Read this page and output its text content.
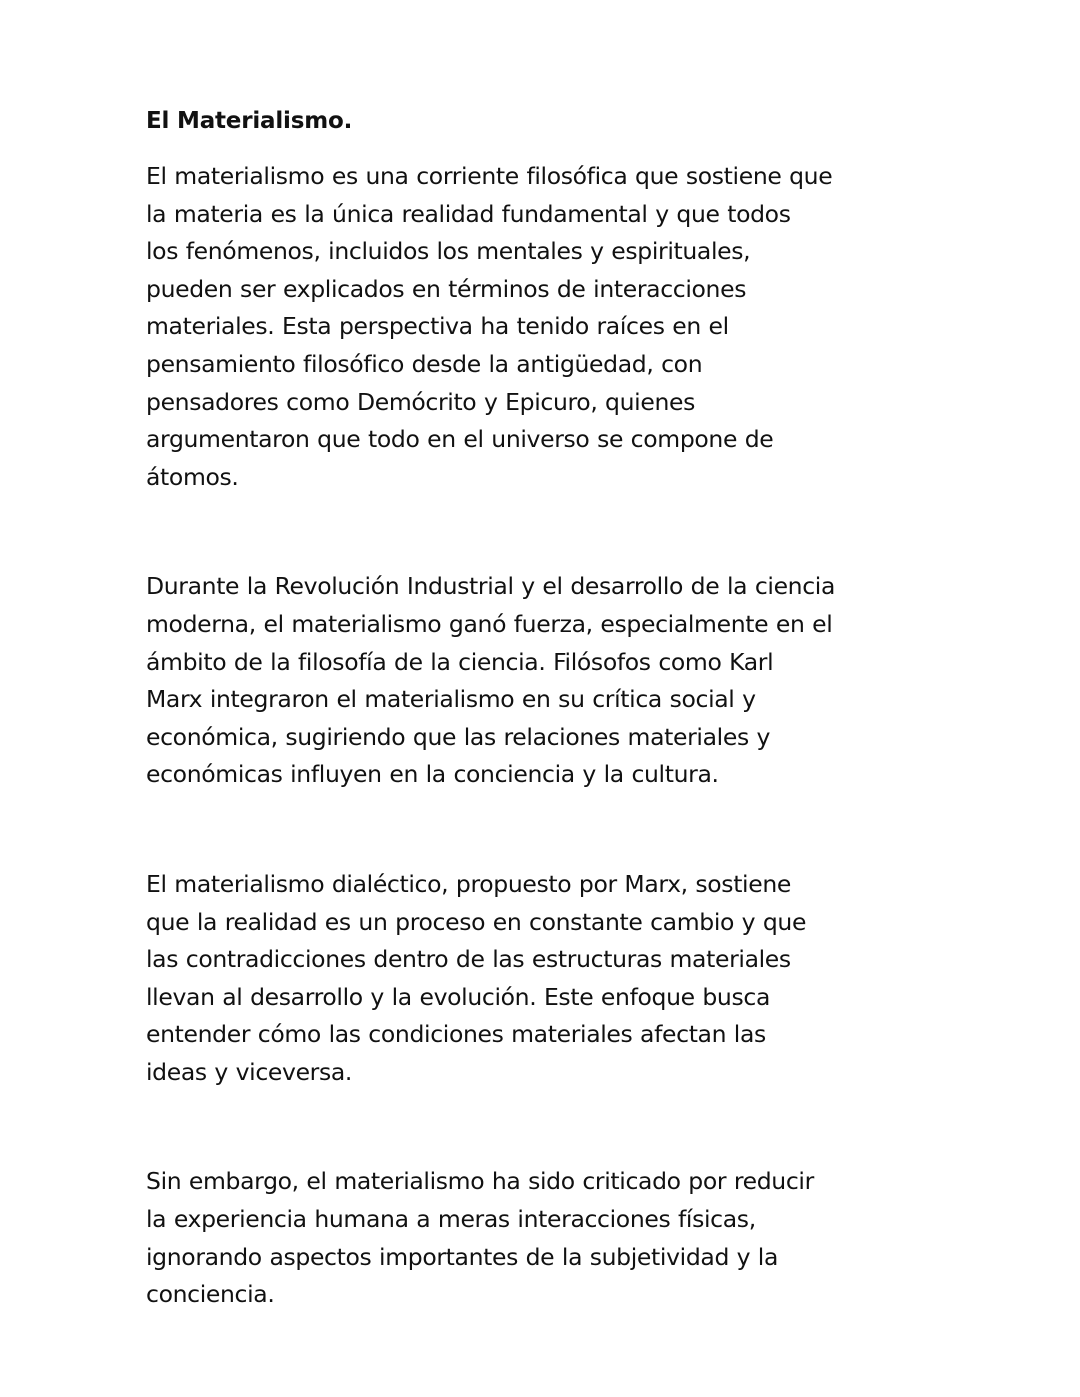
El Materialismo.

El materialismo es una corriente filosófica que sostiene que
la materia es la única realidad fundamental y que todos
los fenómenos, incluidos los mentales y espirituales,
pueden ser explicados en términos de interacciones
materiales. Esta perspectiva ha tenido raíces en el
pensamiento filosófico desde la antigüedad, con
pensadores como Demócrito y Epicuro, quienes
argumentaron que todo en el universo se compone de
átomos.

Durante la Revolución Industrial y el desarrollo de la ciencia
moderna, el materialismo ganó fuerza, especialmente en el
ámbito de la filosofía de la ciencia. Filósofos como Karl
Marx integraron el materialismo en su crítica social y
económica, sugiriendo que las relaciones materiales y
económicas influyen en la conciencia y la cultura.

El materialismo dialéctico, propuesto por Marx, sostiene
que la realidad es un proceso en constante cambio y que
las contradicciones dentro de las estructuras materiales
llevan al desarrollo y la evolución. Este enfoque busca
entender cómo las condiciones materiales afectan las
ideas y viceversa.

Sin embargo, el materialismo ha sido criticado por reducir
la experiencia humana a meras interacciones físicas,
ignorando aspectos importantes de la subjetividad y la
conciencia.
